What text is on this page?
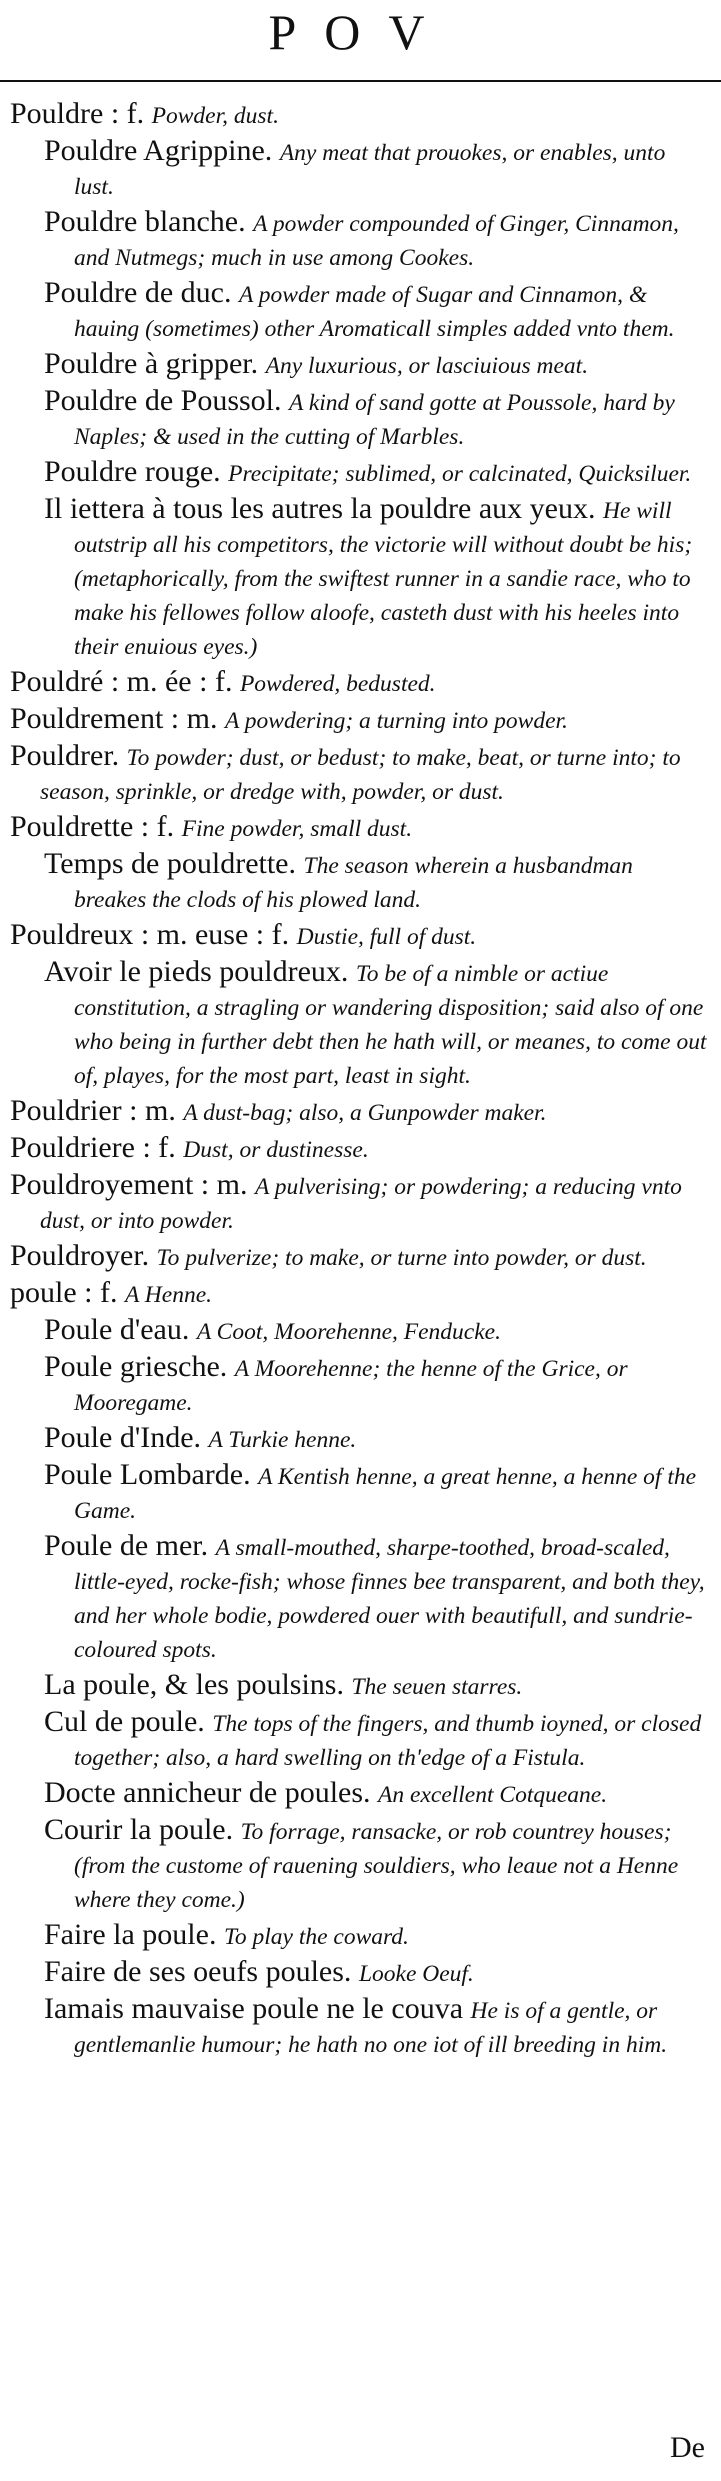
POV
Pouldre : f. Powder, dust.
Pouldre Agrippine. Any meat that prouokes, or enables, unto lust.
Pouldre blanche. A powder compounded of Ginger, Cinnamon, and Nutmegs; much in use among Cookes.
Pouldre de duc. A powder made of Sugar and Cinnamon, & hauing (sometimes) other Aromaticall simples added vnto them.
Pouldre à gripper. Any luxurious, or lasciuious meat.
Pouldre de Poussol. A kind of sand gotte at Poussole, hard by Naples; & used in the cutting of Marbles.
Pouldre rouge. Precipitate; sublimed, or calcinated, Quicksiluer.
Il iettera à tous les autres la pouldre aux yeux. He will outstrip all his competitors, the victorie will without doubt be his; (metaphorically, from the swiftest runner in a sandie race, who to make his fellowes follow aloofe, casteth dust with his heeles into their enuious eyes.)
Pouldré : m. ée : f. Powdered, bedusted.
Pouldrement : m. A powdering; a turning into powder.
Pouldrer. To powder; dust, or bedust; to make, beat, or turne into; to season, sprinkle, or dredge with, powder, or dust.
Pouldrette : f. Fine powder, small dust.
Temps de pouldrette. The season wherein a husbandman breakes the clods of his plowed land.
Pouldreux : m. euse : f. Dustie, full of dust.
Avoir le pieds pouldreux. To be of a nimble or actiue constitution, a stragling or wandering disposition; said also of one who being in further debt then he hath will, or meanes, to come out of, playes, for the most part, least in sight.
Pouldrier : m. A dust-bag; also, a Gunpowder maker.
Pouldriere : f. Dust, or dustinesse.
Pouldroyement : m. A pulverising; or powdering; a reducing vnto dust, or into powder.
Pouldroyer. To pulverize; to make, or turne into powder, or dust.
poule : f. A Henne.
Poule d'eau. A Coot, Moorehenne, Fenducke.
Poule griesche. A Moorehenne; the henne of the Grice, or Mooregame.
Poule d'Inde. A Turkie henne.
Poule Lombarde. A Kentish henne, a great henne, a henne of the Game.
Poule de mer. A small-mouthed, sharpe-toothed, broad-scaled, little-eyed, rocke-fish; whose finnes bee transparent, and both they, and her whole bodie, powdered ouer with beautifull, and sundrie-coloured spots.
La poule, & les poulsins. The seuen starres.
Cul de poule. The tops of the fingers, and thumb ioyned, or closed together; also, a hard swelling on th'edge of a Fistula.
Docte annicheur de poules. An excellent Cotqueane.
Courir la poule. To forrage, ransacke, or rob countrey houses; (from the custome of rauening souldiers, who leaue not a Henne where they come.)
Faire la poule. To play the coward.
Faire de ses oeufs poules. Looke Oeuf.
Iamais mauvaise poule ne le couva He is of a gentle, or gentlemanlie humour; he hath no one iot of ill breeding in him.
De
